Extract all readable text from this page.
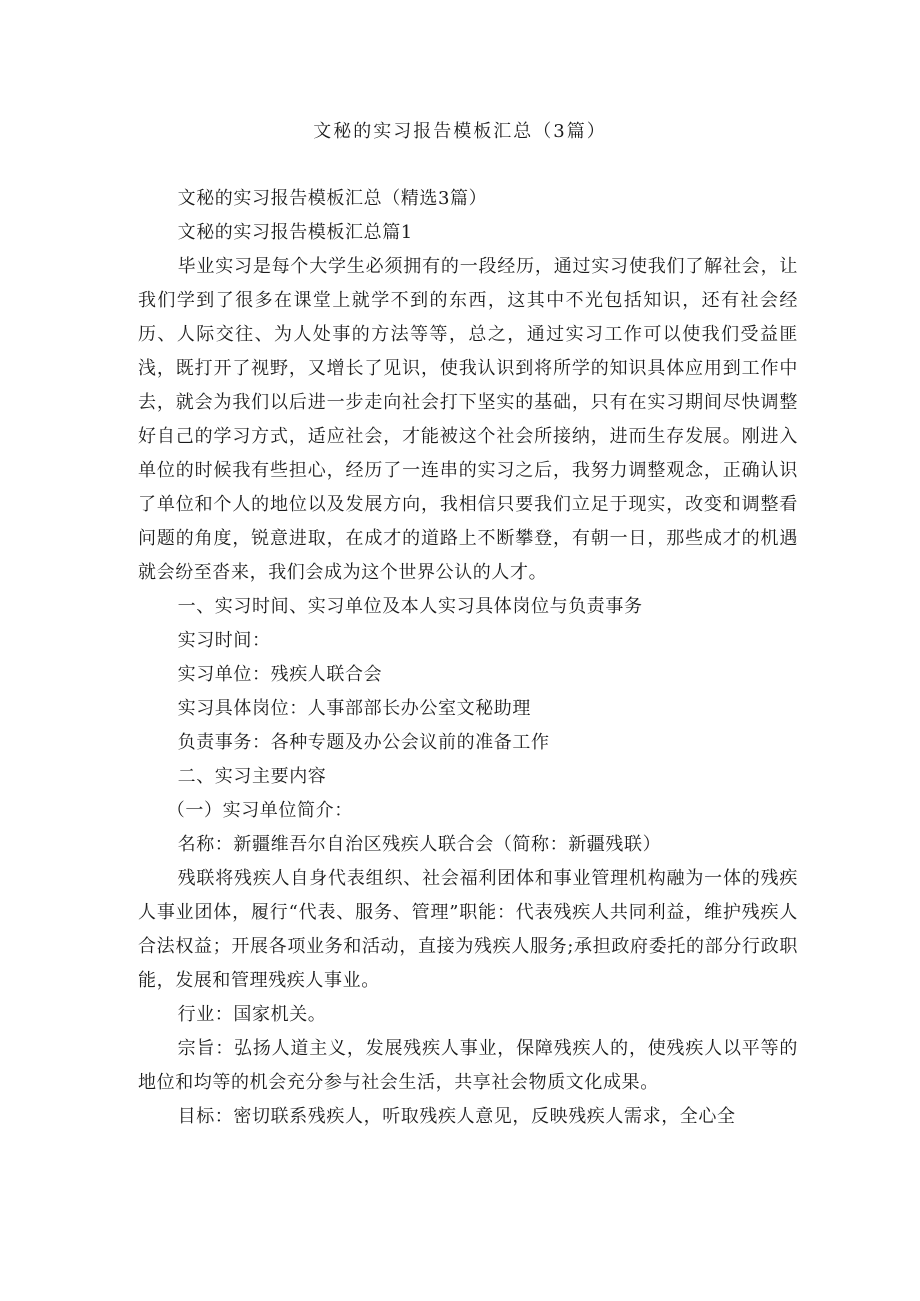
文秘的实习报告模板汇总（3篇）

文秘的实习报告模板汇总（精选3篇）

文秘的实习报告模板汇总篇1

毕业实习是每个大学生必须拥有的一段经历，通过实习使我们了解社会，让我们学到了很多在课堂上就学不到的东西，这其中不光包括知识，还有社会经历、人际交往、为人处事的方法等等，总之，通过实习工作可以使我们受益匪浅，既打开了视野，又增长了见识，使我认识到将所学的知识具体应用到工作中去，就会为我们以后进一步走向社会打下坚实的基础，只有在实习期间尽快调整好自己的学习方式，适应社会，才能被这个社会所接纳，进而生存发展。刚进入单位的时候我有些担心，经历了一连串的实习之后，我努力调整观念，正确认识了单位和个人的地位以及发展方向，我相信只要我们立足于现实，改变和调整看问题的角度，锐意进取，在成才的道路上不断攀登，有朝一日，那些成才的机遇就会纷至沓来，我们会成为这个世界公认的人才。

一、实习时间、实习单位及本人实习具体岗位与负责事务

实习时间：

实习单位：残疾人联合会

实习具体岗位：人事部部长办公室文秘助理

负责事务：各种专题及办公会议前的准备工作

二、实习主要内容

（一）实习单位简介：

名称：新疆维吾尔自治区残疾人联合会（简称：新疆残联）

残联将残疾人自身代表组织、社会福利团体和事业管理机构融为一体的残疾人事业团体，履行“代表、服务、管理”职能：代表残疾人共同利益，维护残疾人合法权益；开展各项业务和活动，直接为残疾人服务;承担政府委托的部分行政职能，发展和管理残疾人事业。

行业：国家机关。

宗旨：弘扬人道主义，发展残疾人事业，保障残疾人的，使残疾人以平等的地位和均等的机会充分参与社会生活，共享社会物质文化成果。

目标：密切联系残疾人，听取残疾人意见，反映残疾人需求，全心全
